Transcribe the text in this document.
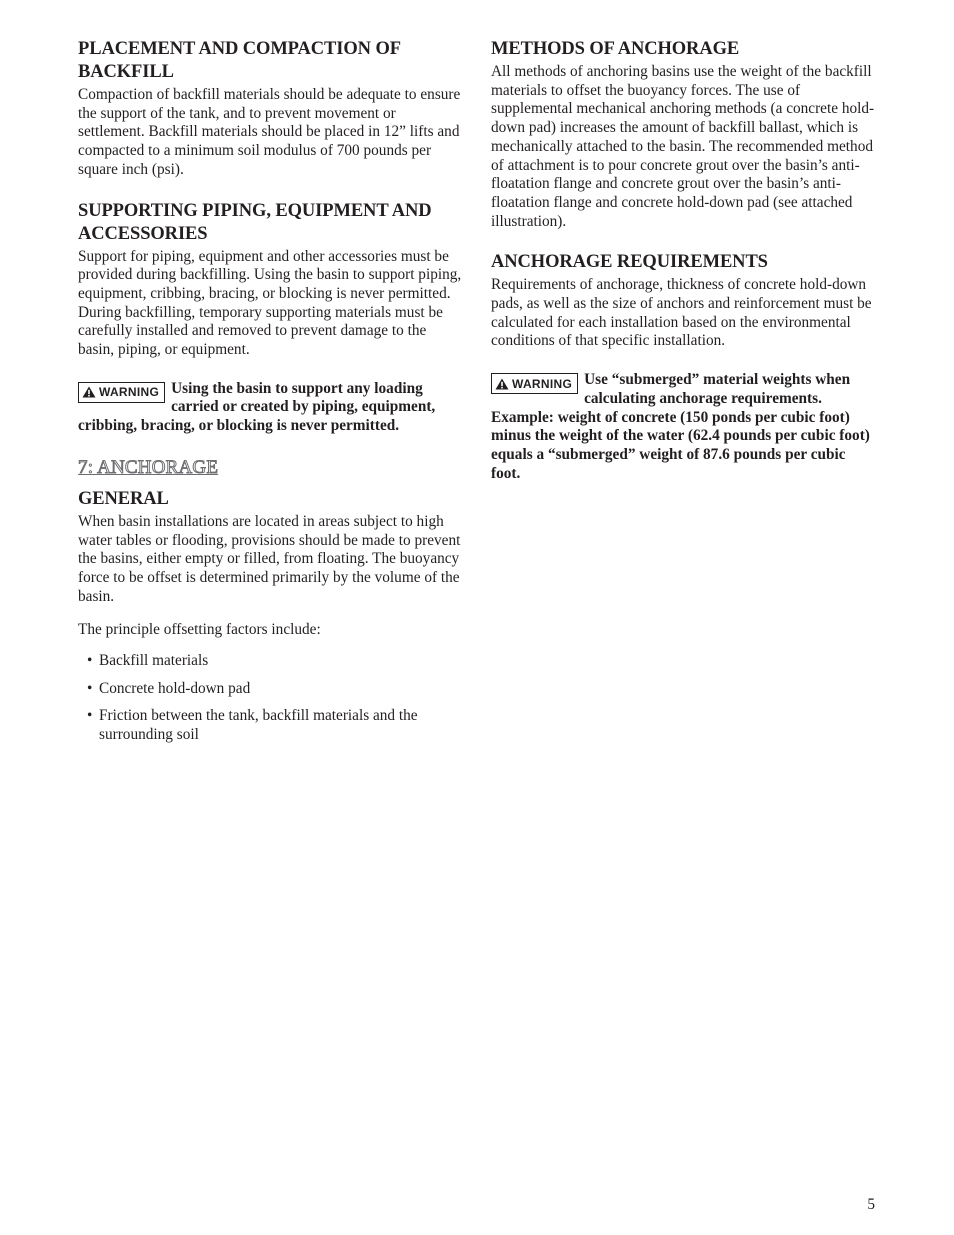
PLACEMENT AND COMPACTION OF BACKFILL

Compaction of backfill materials should be adequate to ensure the support of the tank, and to prevent movement or settlement. Backfill materials should be placed in 12” lifts and compacted to a minimum soil modulus of 700 pounds per square inch (psi).

SUPPORTING PIPING, EQUIPMENT AND ACCESSORIES

Support for piping, equipment and other accessories must be provided during backfilling. Using the basin to support piping, equipment, cribbing, bracing, or blocking is never permitted. During backfilling, temporary supporting materials must be carefully installed and removed to prevent damage to the basin, piping, or equipment.

WARNING Using the basin to support any loading carried or created by piping, equipment, cribbing, bracing, or blocking is never permitted.
7: ANCHORAGE
GENERAL

When basin installations are located in areas subject to high water tables or flooding, provisions should be made to prevent the basins, either empty or filled, from floating. The buoyancy force to be offset is determined primarily by the volume of the basin.

The principle offsetting factors include:

• Backfill materials
• Concrete hold-down pad
• Friction between the tank, backfill materials and the surrounding soil
METHODS OF ANCHORAGE

All methods of anchoring basins use the weight of the backfill materials to offset the buoyancy forces. The use of supplemental mechanical anchoring methods (a concrete hold-down pad) increases the amount of backfill ballast, which is mechanically attached to the basin. The recommended method of attachment is to pour concrete grout over the basin’s anti-floatation flange and concrete grout over the basin’s anti-floatation flange and concrete hold-down pad (see attached illustration).

ANCHORAGE REQUIREMENTS

Requirements of anchorage, thickness of concrete hold-down pads, as well as the size of anchors and reinforcement must be calculated for each installation based on the environmental conditions of that specific installation.

WARNING Use “submerged” material weights when calculating anchorage requirements. Example: weight of concrete (150 ponds per cubic foot) minus the weight of the water (62.4 pounds per cubic foot) equals a “submerged” weight of 87.6 pounds per cubic foot.
5
